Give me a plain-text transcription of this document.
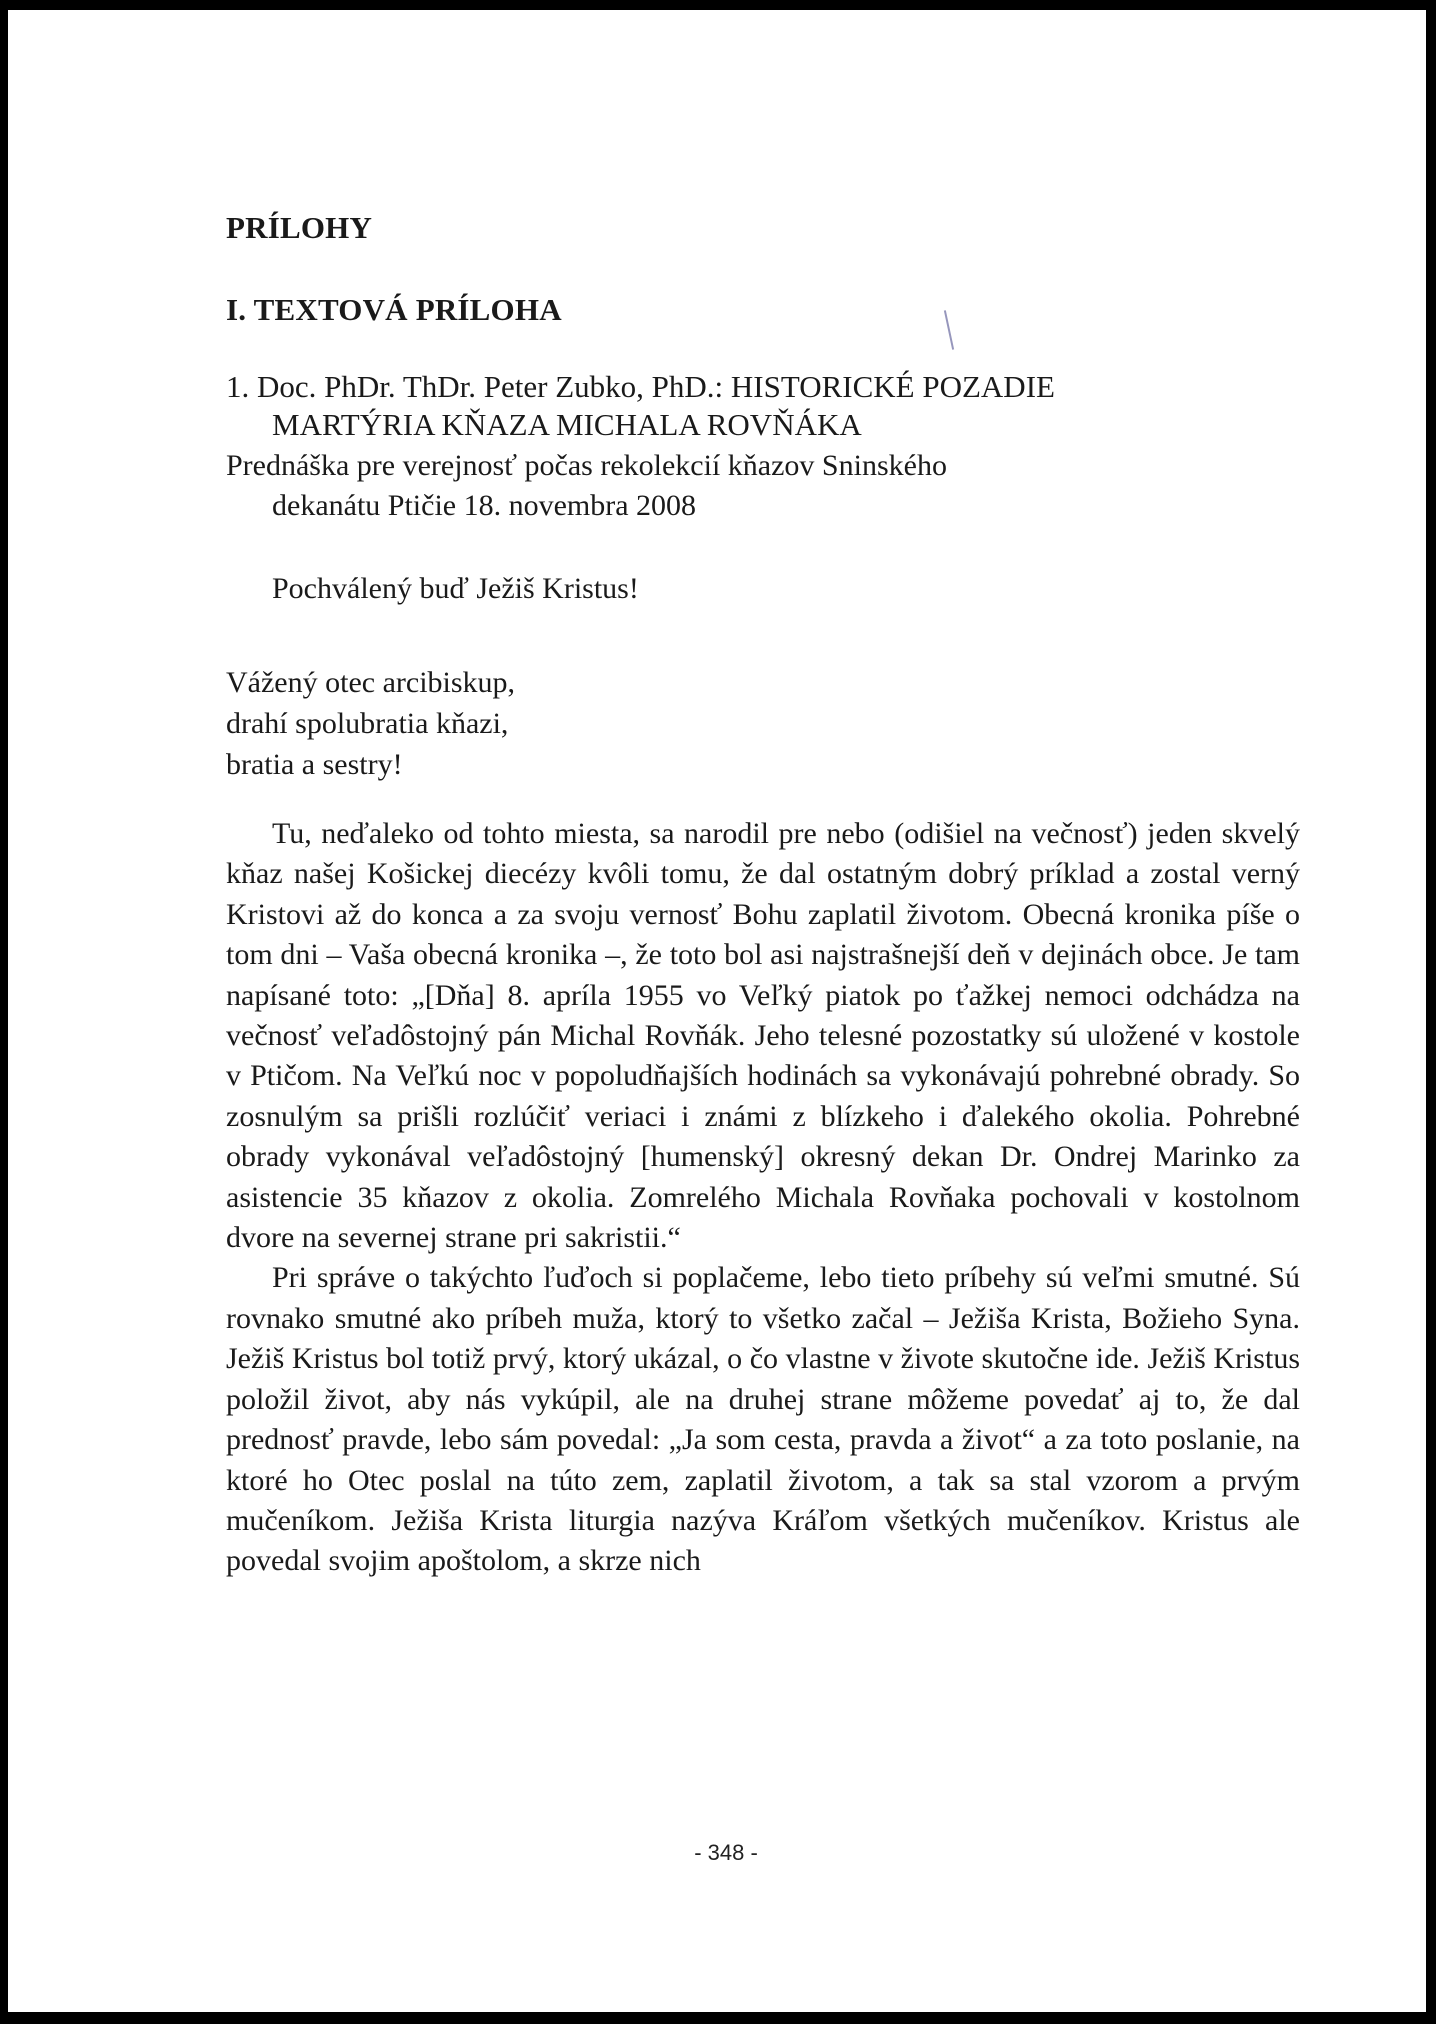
PRÍLOHY
I. TEXTOVÁ PRÍLOHA
1. Doc. PhDr. ThDr. Peter Zubko, PhD.: HISTORICKÉ POZADIE
MARTÝRIA KŇAZA MICHALA ROVŇÁKA
Prednáška pre verejnosť počas rekolekcií kňazov Sninského
dekanátu Ptičie 18. novembra 2008
Pochválený buď Ježiš Kristus!
Vážený otec arcibiskup,
drahí spolubratia kňazi,
bratia a sestry!

Tu, neďaleko od tohto miesta, sa narodil pre nebo (odišiel na večnosť) jeden skvelý kňaz našej Košickej diecézy kvôli tomu, že dal ostatným dobrý príklad a zostal verný Kristovi až do konca a za svoju vernosť Bohu zaplatil životom. Obecná kronika píše o tom dni – Vaša obecná kronika –, že toto bol asi najstrašnejší deň v dejinách obce. Je tam napísané toto: „[Dňa] 8. apríla 1955 vo Veľký piatok po ťažkej nemoci odchádza na večnosť veľadôstojný pán Michal Rovňák. Jeho telesné pozostatky sú uložené v kostole v Ptičom. Na Veľkú noc v popoludňajších hodinách sa vykonávajú pohrebné obrady. So zosnulým sa prišli rozlúčiť veriaci i známi z blízkeho i ďalekého okolia. Pohrebné obrady vykonával veľadôstojný [humenský] okresný dekan Dr. Ondrej Marinko za asistencie 35 kňazov z okolia. Zomrelého Michala Rovňaka pochovali v kostolnom dvore na severnej strane pri sakristii.“

Pri správe o takýchto ľuďoch si poplačeme, lebo tieto príbehy sú veľmi smutné. Sú rovnako smutné ako príbeh muža, ktorý to všetko začal – Ježiša Krista, Božieho Syna. Ježiš Kristus bol totiž prvý, ktorý ukázal, o čo vlastne v živote skutočne ide. Ježiš Kristus položil život, aby nás vykúpil, ale na druhej strane môžeme povedať aj to, že dal prednosť pravde, lebo sám povedal: „Ja som cesta, pravda a život“ a za toto poslanie, na ktoré ho Otec poslal na túto zem, zaplatil životom, a tak sa stal vzorom a prvým mučeníkom. Ježiša Krista liturgia nazýva Kráľom všetkých mučeníkov. Kristus ale povedal svojim apoštolom, a skrze nich

- 348 -
